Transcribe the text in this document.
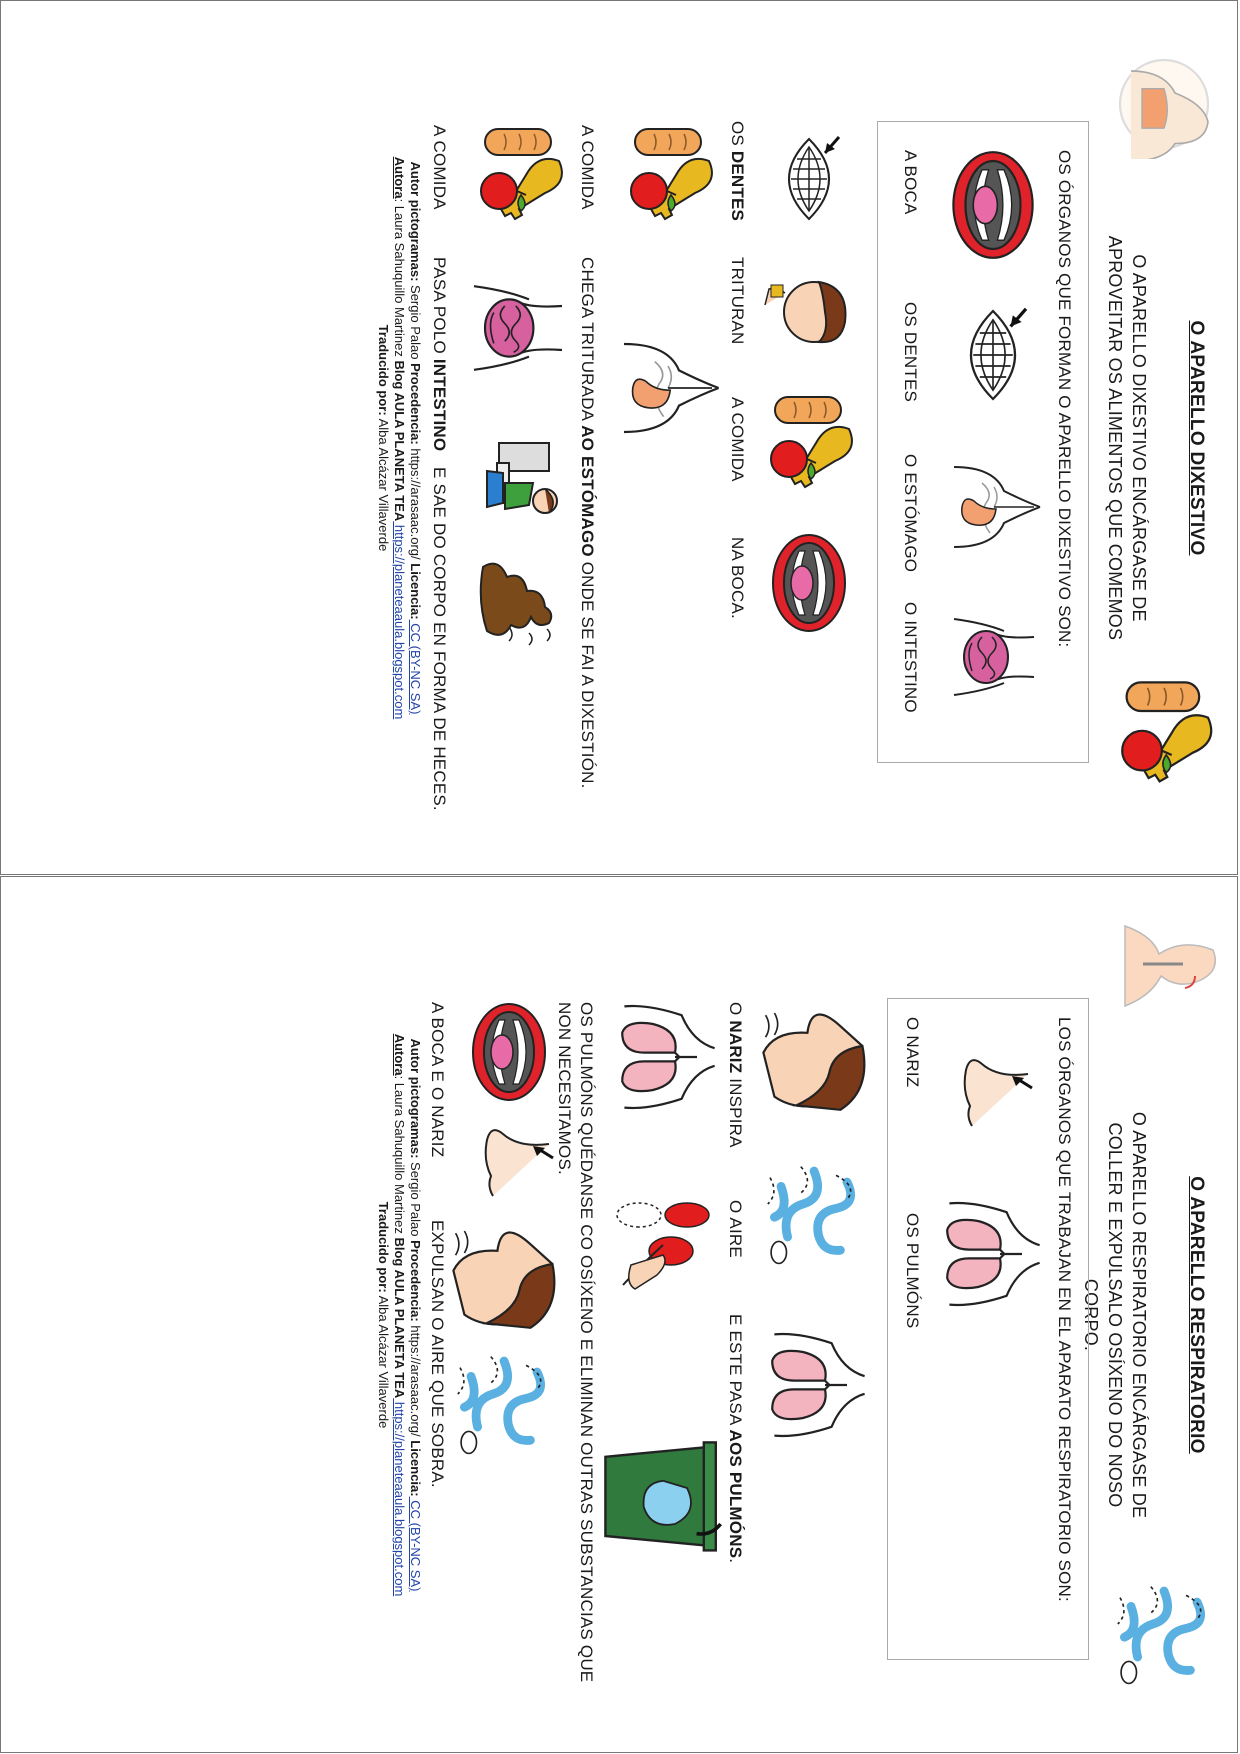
O APARELLO DIXESTIVO
O APARELLO DIXESTIVO ENCÁRGASE DE APROVEITAR OS ALIMENTOS QUE COMEMOS
OS ÓRGANOS QUE FORMAN O APARELLO DIXESTIVO SON:
A BOCA
OS DENTES
O ESTÓMAGO
O INTESTINO
OS DENTES
TRITURAN
A COMIDA
NA BOCA.
A COMIDA
CHEGA TRITURADA AO ESTÓMAGO ONDE SE FAI A DIXESTIÓN.
A COMIDA
PASA POLO INTESTINO
E SAE DO CORPO EN FORMA DE HECES.
Autor pictogramas: Sergio Palao Procedencia: https://arasaac.org/ Licencia: CC (BY-NC SA)
Autora: Laura Sahuquillo Martinez Blog AULA PLANETA TEA https://planeteaaula.blogspot.com
Traducido por: Alba Alcázar Villaverde
O APARELLO RESPIRATORIO
O APARELLO RESPIRATORIO ENCÁRGASE DE COLLER E EXPULSALO OSÍXENO DO NOSO CORPO.
LOS ÓRGANOS QUE TRABAJAN EN EL APARATO RESPIRATORIO SON:
O NARIZ
OS PULMÓNS
O NARIZ INSPIRA
O AIRE
E ESTE PASA AOS PULMÓNS.
OS PULMÓNS QUÉDANSE CO OSÍXENO E ELIMINAN OUTRAS SUBSTANCIAS QUE NON NECESITAMOS.
A BOCA E O NARIZ
EXPULSAN O AIRE QUE SOBRA.
Autor pictogramas: Sergio Palao Procedencia: https://arasaac.org/ Licencia: CC (BY-NC SA)
Autora: Laura Sahuquillo Martinez Blog AULA PLANETA TEA https://planeteaaula.blogspot.com
Traducido por: Alba Alcázar Villaverde
